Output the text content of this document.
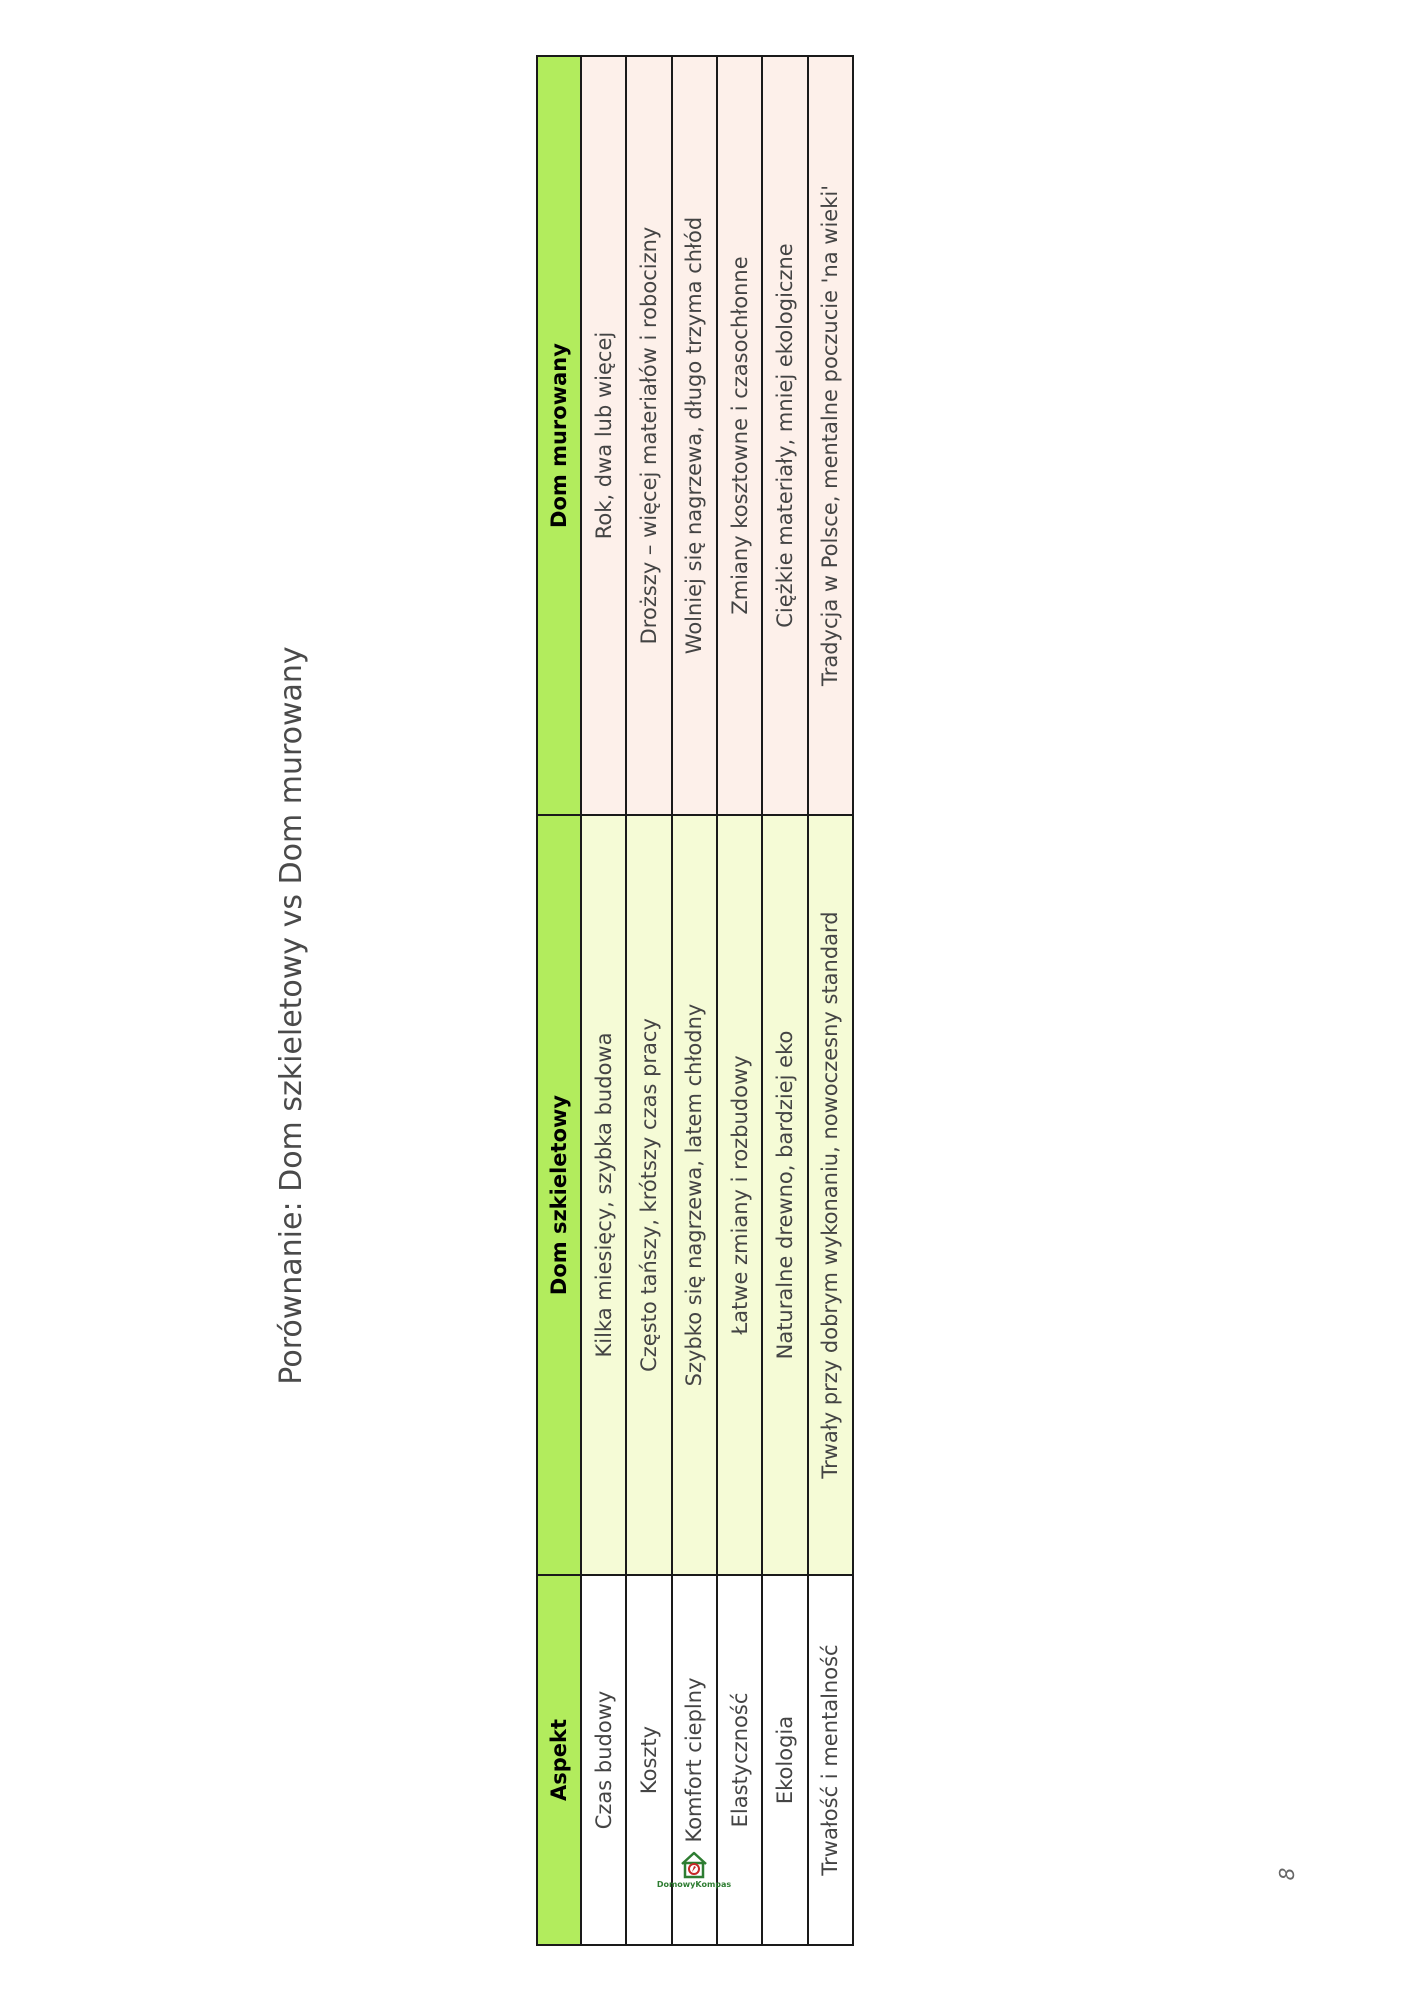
Porównanie: Dom szkieletowy vs Dom murowany
Aspekt	Dom szkieletowy	Dom murowany
Czas budowy	Kilka miesięcy, szybka budowa	Rok, dwa lub więcej
Koszty	Często tańszy, krótszy czas pracy	Droższy – więcej materiałów i robocizny
Komfort cieplny	Szybko się nagrzewa, latem chłodny	Wolniej się nagrzewa, długo trzyma chłód
Elastyczność	Łatwe zmiany i rozbudowy	Zmiany kosztowne i czasochłonne
Ekologia	Naturalne drewno, bardziej eko	Ciężkie materiały, mniej ekologiczne
Trwałość i mentalność	Trwały przy dobrym wykonaniu, nowoczesny standard	Tradycja w Polsce, mentalne poczucie 'na wieki'
DomowyKompas
8
